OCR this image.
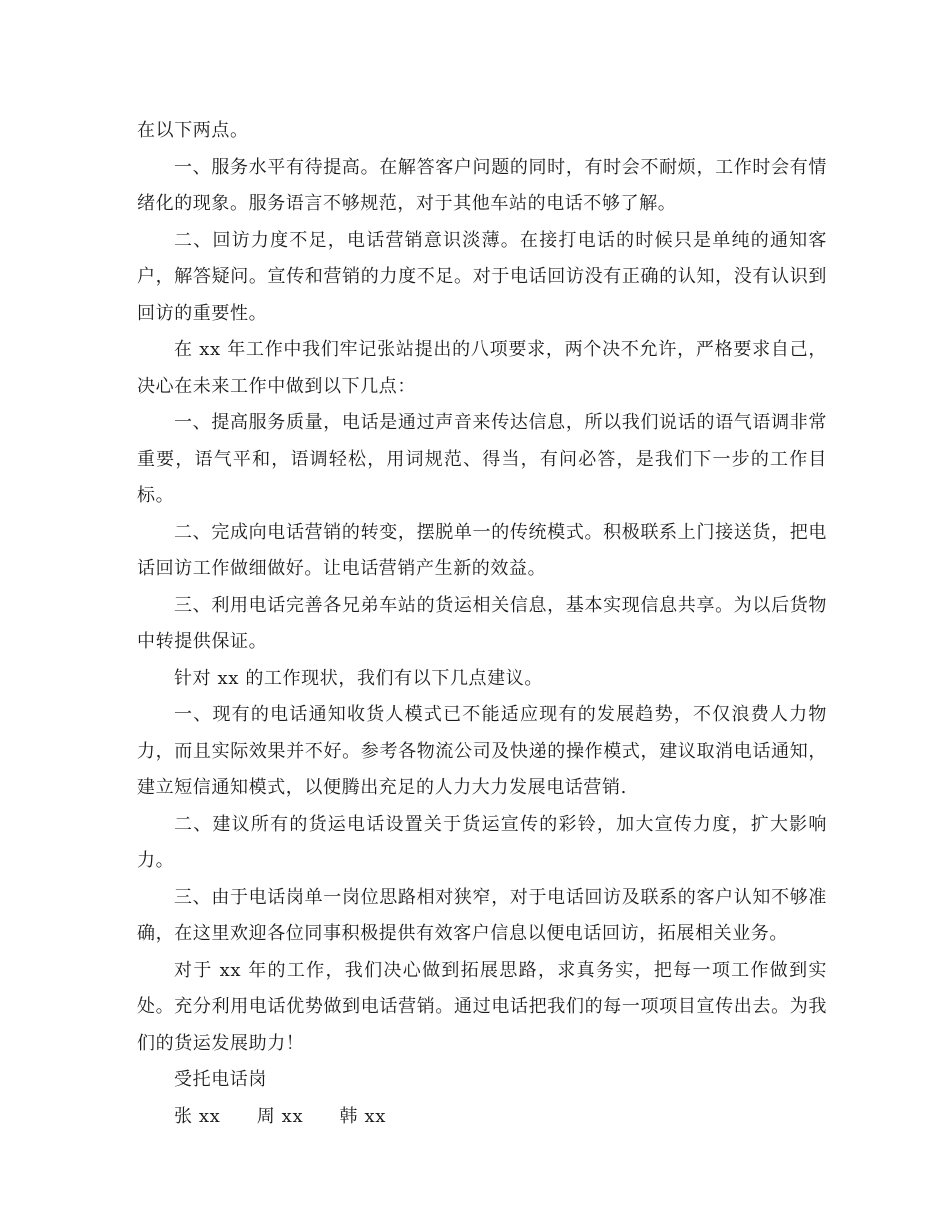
在以下两点。

一、服务水平有待提高。在解答客户问题的同时，有时会不耐烦，工作时会有情绪化的现象。服务语言不够规范，对于其他车站的电话不够了解。

二、回访力度不足，电话营销意识淡薄。在接打电话的时候只是单纯的通知客户，解答疑问。宣传和营销的力度不足。对于电话回访没有正确的认知，没有认识到回访的重要性。

在 xx 年工作中我们牢记张站提出的八项要求，两个决不允许，严格要求自己，决心在未来工作中做到以下几点：

一、提高服务质量，电话是通过声音来传达信息，所以我们说话的语气语调非常重要，语气平和，语调轻松，用词规范、得当，有问必答，是我们下一步的工作目标。

二、完成向电话营销的转变，摆脱单一的传统模式。积极联系上门接送货，把电话回访工作做细做好。让电话营销产生新的效益。

三、利用电话完善各兄弟车站的货运相关信息，基本实现信息共享。为以后货物中转提供保证。

针对 xx 的工作现状，我们有以下几点建议。

一、现有的电话通知收货人模式已不能适应现有的发展趋势，不仅浪费人力物力，而且实际效果并不好。参考各物流公司及快递的操作模式，建议取消电话通知，建立短信通知模式，以便腾出充足的人力大力发展电话营销.

二、建议所有的货运电话设置关于货运宣传的彩铃，加大宣传力度，扩大影响力。

三、由于电话岗单一岗位思路相对狭窄，对于电话回访及联系的客户认知不够准确，在这里欢迎各位同事积极提供有效客户信息以便电话回访，拓展相关业务。

对于 xx 年的工作，我们决心做到拓展思路，求真务实，把每一项工作做到实处。充分利用电话优势做到电话营销。通过电话把我们的每一项项目宣传出去。为我们的货运发展助力！

受托电话岗

张 xx 周 xx 韩 xx
